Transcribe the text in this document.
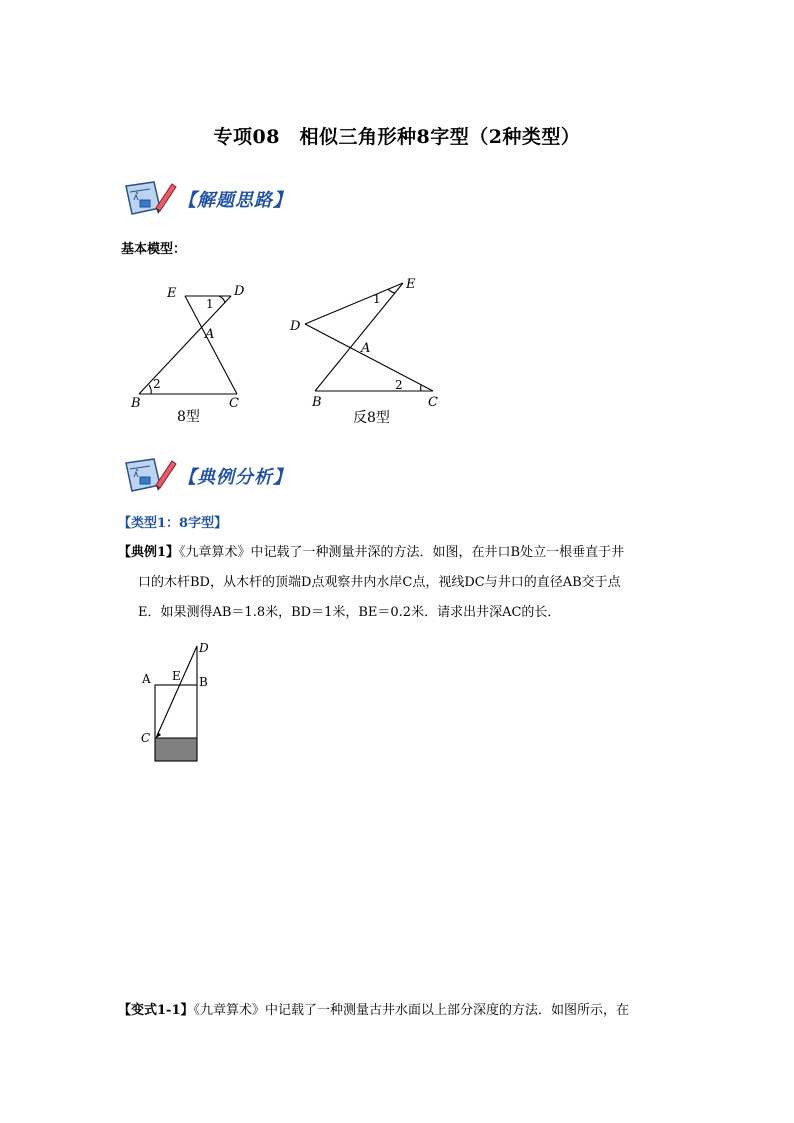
专项08　相似三角形种8字型（2种类型）
【解题思路】
基本模型：
E	D
A
B	C
1
2
8型
E
D
A
B	C
1
2
反8型
【典例分析】
【类型1：8字型】
【典例1】《九章算术》中记载了一种测量井深的方法．如图，在井口B处立一根垂直于井
口的木杆BD，从木杆的顶端D点观察井内水岸C点，视线DC与井口的直径AB交于点
E．如果测得AB＝1.8米，BD＝1米，BE＝0.2米．请求出井深AC的长．
A E B
D
C
【变式1-1】《九章算术》中记载了一种测量古井水面以上部分深度的方法．如图所示，在
